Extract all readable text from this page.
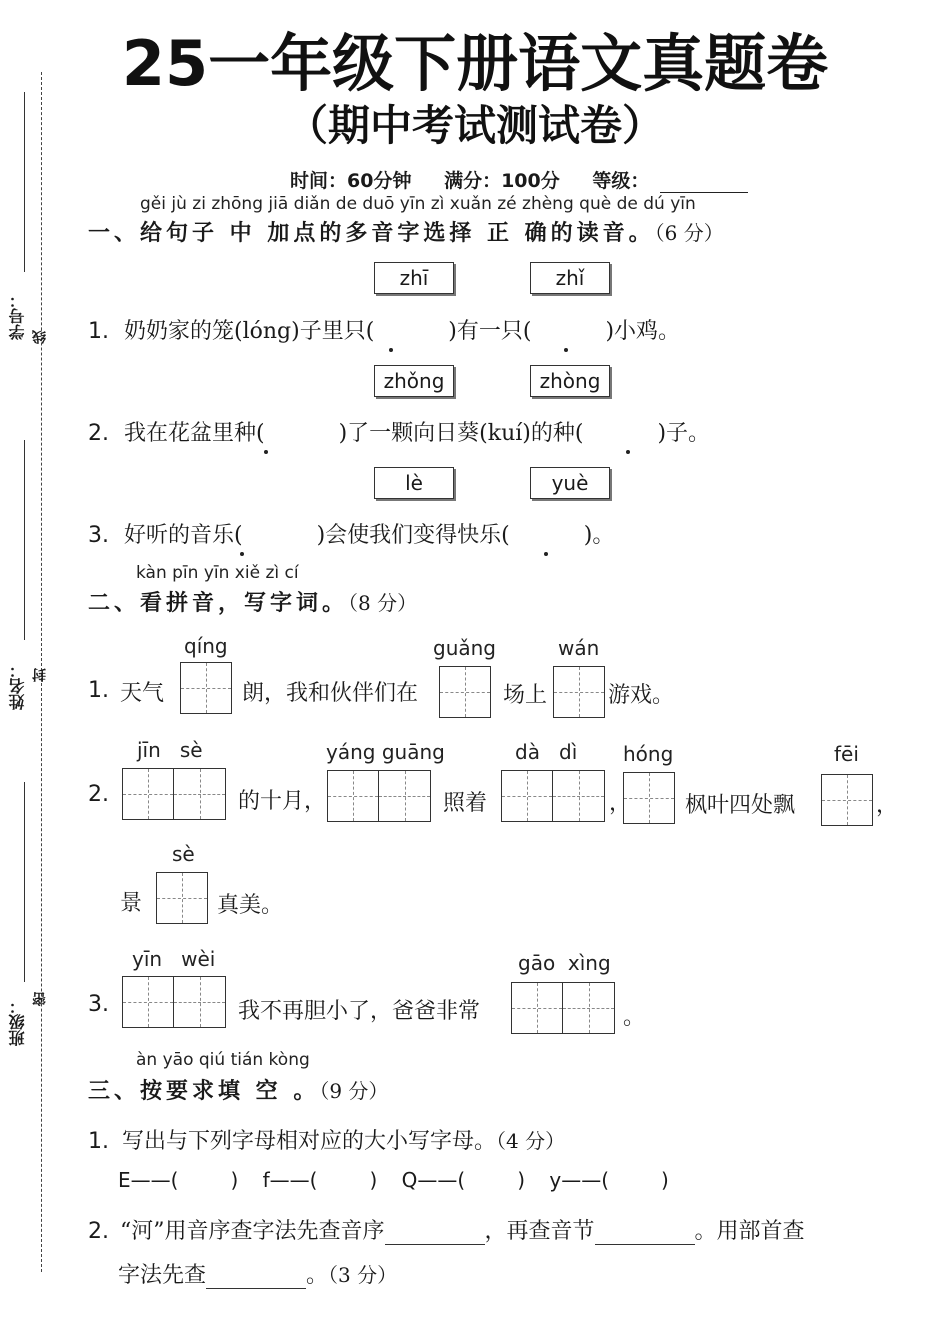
学号： 线
姓名： 封
班级： 密
25一年级下册语文真题卷
（期中考试测试卷）
时间：60分钟 满分：100分 等级：
gěi jù zi zhōng jiā diǎn de duō yīn zì xuǎn zé zhèng què de dú yīn
一、给句子 中 加点的多音字选择 正 确的读音。（6 分）
zhī	zhǐ
1. 奶奶家的笼(lóng)子里只(	)有一只(	)小鸡。
zhǒng	zhòng
2. 我在花盆里种(	)了一颗向日葵(kuí)的种(	)子。
lè	yuè
3. 好听的音乐(	)会使我们变得快乐(	)。
kàn pīn yīn xiě zì cí
二、看拼音，写字词。（8 分）
qíng	guǎng	wán
1. 天气	朗，我和伙伴们在	场上	游戏。
jīn   sè	yáng guāng	dà   dì hóng	fēi
2.	的十月，	照着	， 枫叶四处飘	，
sè
景	真美。
yīn   wèi	gāo  xìng
3.	我不再胆小了，爸爸非常	。
àn yāo qiú tián kòng
三、按要求填 空 。（9 分）
1. 写出与下列字母相对应的大小写字母。（4 分）
E——(	) f——(	) Q——(	) y——(	)
2. “河”用音序查字法先查音序	，再查音节	。用部首查
字法先查	。（3 分）
